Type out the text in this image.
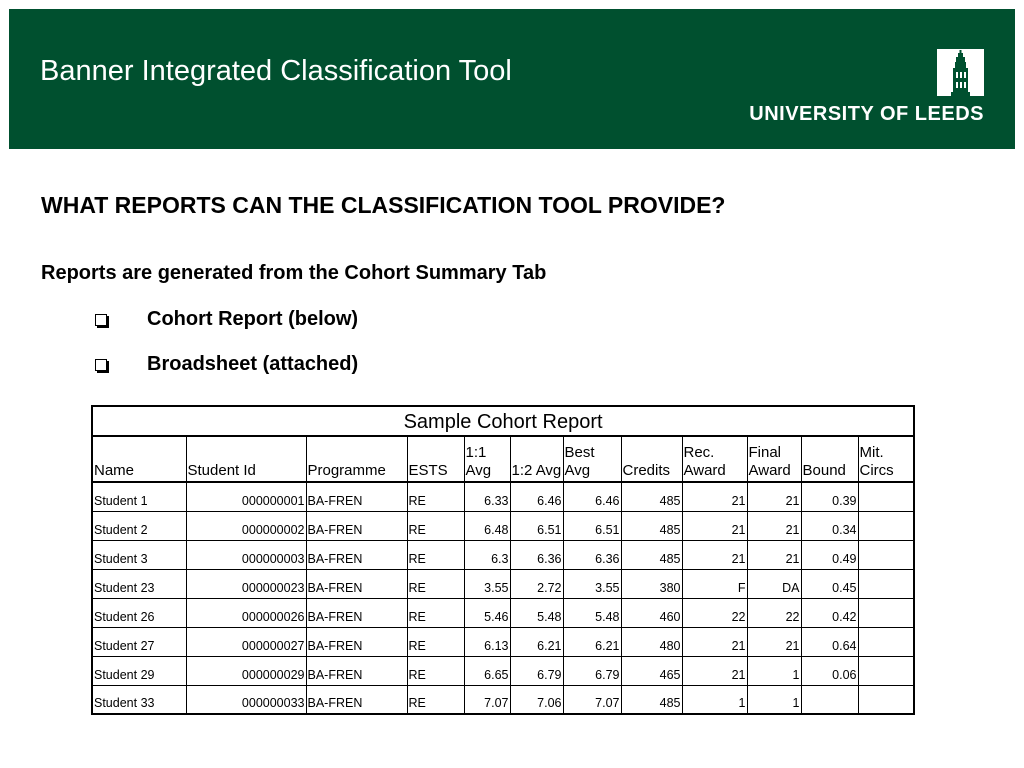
Banner Integrated Classification Tool
UNIVERSITY OF LEEDS
WHAT REPORTS CAN THE CLASSIFICATION TOOL PROVIDE?
Reports are generated from the Cohort Summary Tab
Cohort Report (below)
Broadsheet (attached)
Sample Cohort Report											
Name	Student Id	Programme	ESTS	1:1 Avg	1:2 Avg	Best Avg	Credits	Rec. Award	Final Award	Bound	Mit. Circs
Student 1	000000001	BA-FREN	RE	6.33	6.46	6.46	485	21	21	0.39	
Student 2	000000002	BA-FREN	RE	6.48	6.51	6.51	485	21	21	0.34	
Student 3	000000003	BA-FREN	RE	6.3	6.36	6.36	485	21	21	0.49	
Student 23	000000023	BA-FREN	RE	3.55	2.72	3.55	380	F	DA	0.45	
Student 26	000000026	BA-FREN	RE	5.46	5.48	5.48	460	22	22	0.42	
Student 27	000000027	BA-FREN	RE	6.13	6.21	6.21	480	21	21	0.64	
Student 29	000000029	BA-FREN	RE	6.65	6.79	6.79	465	21	1	0.06	
Student 33	000000033	BA-FREN	RE	7.07	7.06	7.07	485	1	1		
